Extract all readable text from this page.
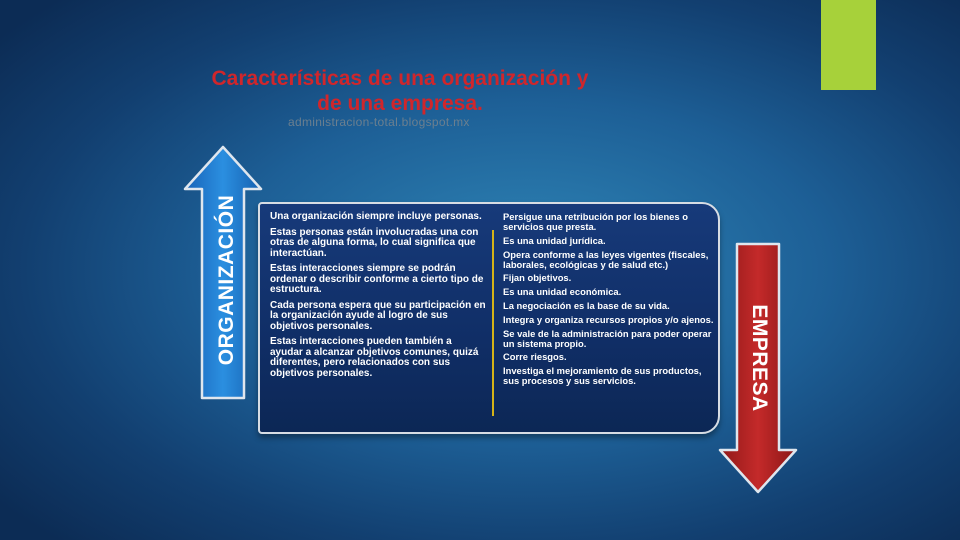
Características de una organización y de una empresa.
administracion-total.blogspot.mx
ORGANIZACIÓN	EMPRESA

Una organización siempre incluye personas.

Estas personas están involucradas una con otras de alguna forma, lo cual significa que interactúan.

Estas interacciones siempre se podrán ordenar o describir conforme a cierto tipo de estructura.

Cada persona espera que su participación en la organización ayude al logro de sus objetivos personales.

Estas interacciones pueden también a ayudar a alcanzar objetivos comunes, quizá diferentes, pero relacionados con sus objetivos personales.

Persigue una retribución por los bienes o servicios que presta.

Es una unidad jurídica.

Opera conforme a las leyes vigentes (fiscales, laborales, ecológicas y de salud etc.)

Fijan objetivos.

Es una unidad económica.

La negociación es la base de su vida.

Integra y organiza recursos propios y/o ajenos.

Se vale de la administración para poder operar un sistema propio.

Corre riesgos.

Investiga el mejoramiento de sus productos, sus procesos y sus servicios.
